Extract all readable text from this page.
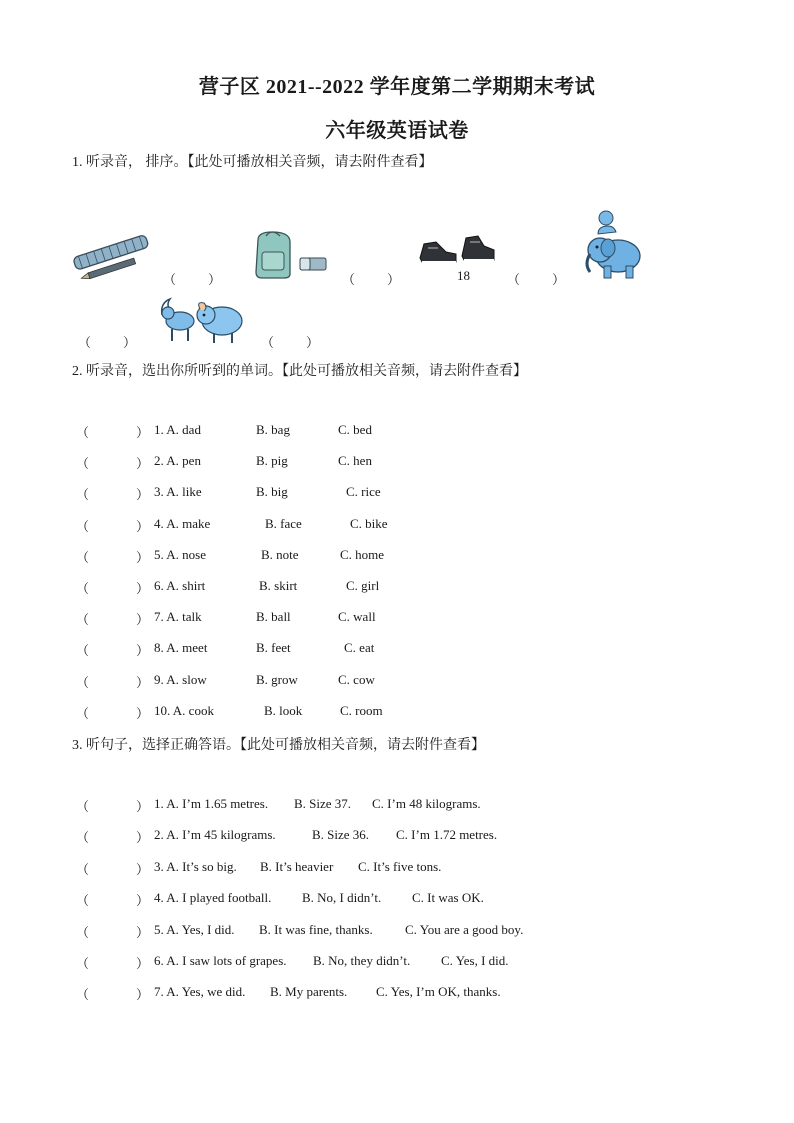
营子区 2021--2022 学年度第二学期期末考试
六年级英语试卷
1. 听录音， 排序。【此处可播放相关音频，请去附件查看】
（ ）	（ ）	18	（ ）
（ ）	（ ）
2. 听录音，选出你所听到的单词。【此处可播放相关音频，请去附件查看】
（	） 1. A. dad	B. bag	C. bed
（	） 2. A. pen	B. pig	C. hen
（	） 3. A. like	B. big	C. rice
（	） 4. A. make	B. face	C. bike
（	） 5. A. nose	B. note	C. home
（	） 6. A. shirt	B. skirt	C. girl
（	） 7. A. talk	B. ball	C. wall
（	） 8. A. meet	B. feet	C. eat
（	） 9. A. slow	B. grow	C. cow
（	） 10. A. cook	B. look	C. room
3. 听句子，选择正确答语。【此处可播放相关音频，请去附件查看】
（	） 1. A. I’m 1.65 metres. B. Size 37. C. I’m 48 kilograms.
（	） 2. A. I’m 45 kilograms.	B. Size 36. C. I’m 1.72 metres.
（	） 3. A. It’s so big. B. It’s heavier C. It’s five tons.
（	） 4. A. I played football. B. No, I didn’t. C. It was OK.
（	） 5. A. Yes, I did. B. It was fine, thanks. C. You are a good boy.
（	） 6. A. I saw lots of grapes. B. No, they didn’t. C. Yes, I did.
（	） 7. A. Yes, we did. B. My parents. C. Yes, I’m OK, thanks.
